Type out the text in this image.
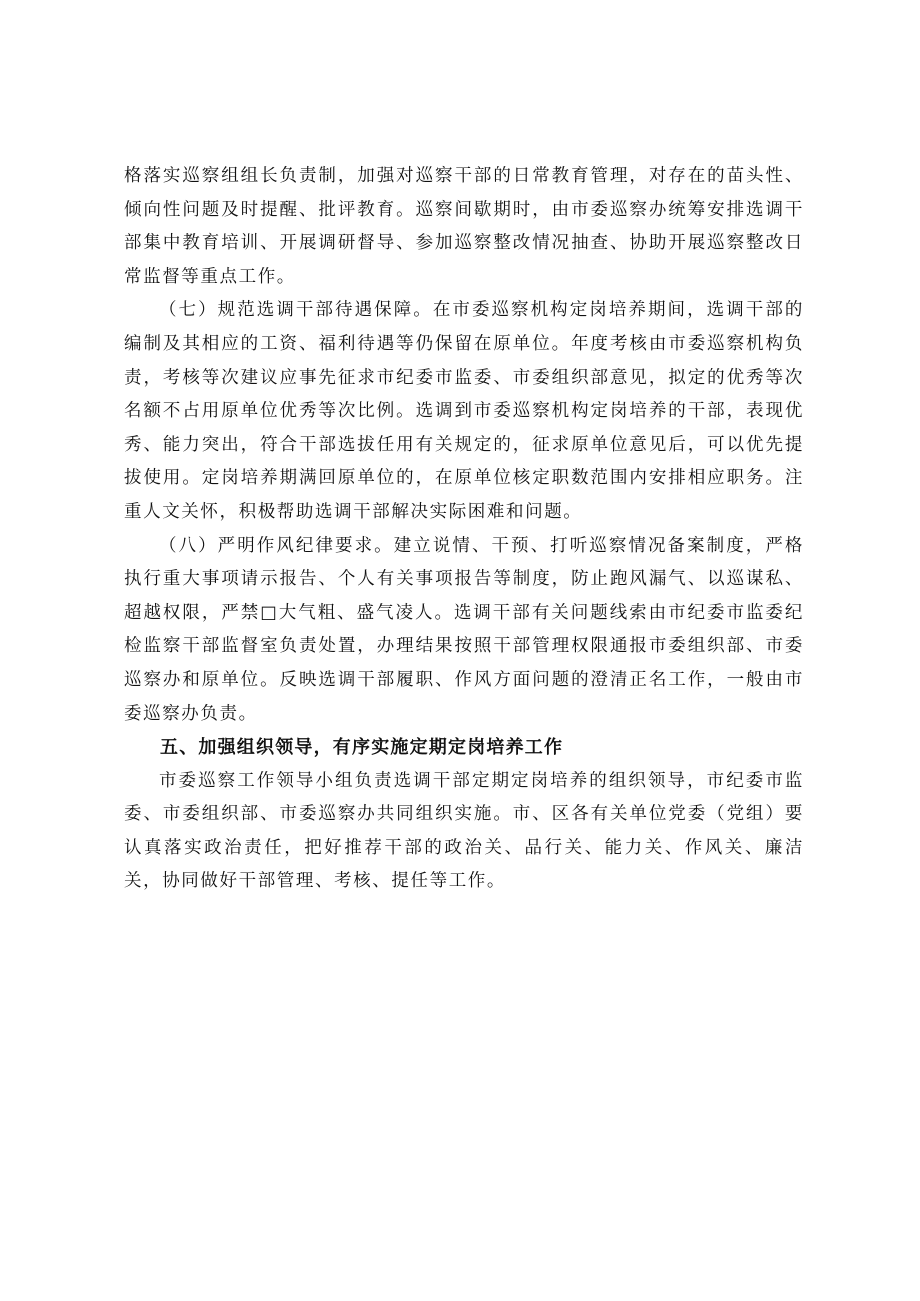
格落实巡察组组长负责制，加强对巡察干部的日常教育管理，对存在的苗头性、倾向性问题及时提醒、批评教育。巡察间歇期时，由市委巡察办统筹安排选调干部集中教育培训、开展调研督导、参加巡察整改情况抽查、协助开展巡察整改日常监督等重点工作。

（七）规范选调干部待遇保障。在市委巡察机构定岗培养期间，选调干部的编制及其相应的工资、福利待遇等仍保留在原单位。年度考核由市委巡察机构负责，考核等次建议应事先征求市纪委市监委、市委组织部意见，拟定的优秀等次名额不占用原单位优秀等次比例。选调到市委巡察机构定岗培养的干部，表现优秀、能力突出，符合干部选拔任用有关规定的，征求原单位意见后，可以优先提拔使用。定岗培养期满回原单位的，在原单位核定职数范围内安排相应职务。注重人文关怀，积极帮助选调干部解决实际困难和问题。

（八）严明作风纪律要求。建立说情、干预、打听巡察情况备案制度，严格执行重大事项请示报告、个人有关事项报告等制度，防止跑风漏气、以巡谋私、超越权限，严禁□大气粗、盛气凌人。选调干部有关问题线索由市纪委市监委纪检监察干部监督室负责处置，办理结果按照干部管理权限通报市委组织部、市委巡察办和原单位。反映选调干部履职、作风方面问题的澄清正名工作，一般由市委巡察办负责。

五、加强组织领导，有序实施定期定岗培养工作

市委巡察工作领导小组负责选调干部定期定岗培养的组织领导，市纪委市监委、市委组织部、市委巡察办共同组织实施。市、区各有关单位党委（党组）要认真落实政治责任，把好推荐干部的政治关、品行关、能力关、作风关、廉洁关，协同做好干部管理、考核、提任等工作。
